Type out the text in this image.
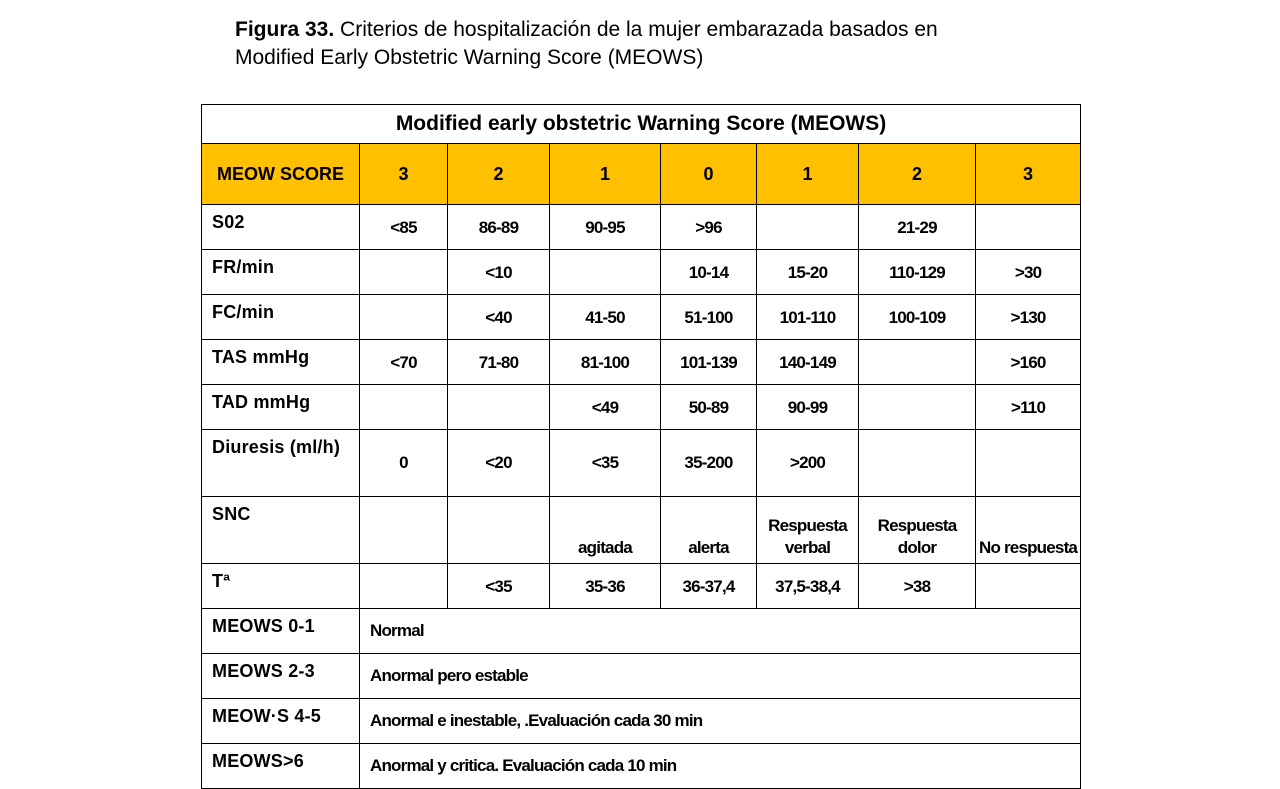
Figura 33. Criterios de hospitalización de la mujer embarazada basados en
Modified Early Obstetric Warning Score (MEOWS)
Modified early obstetric Warning Score (MEOWS)							
MEOW SCORE	3	2	1	0	1	2	3
S02	<85	86-89	90-95	>96		21-29	
FR/min		<10		10-14	15-20	110-129	>30
FC/min		<40	41-50	51-100	101-110	100-109	>130
TAS mmHg	<70	71-80	81-100	101-139	140-149		>160
TAD mmHg			<49	50-89	90-99		>110
Diuresis (ml/h)	0	<20	<35	35-200	>200		
SNC			agitada	alerta	Respuesta verbal	Respuesta dolor	No respuesta
Tª		<35	35-36	36-37,4	37,5-38,4	>38	
MEOWS 0-1	Normal						
MEOWS 2-3	Anormal pero estable						
MEOW·S 4-5	Anormal e inestable, .Evaluación cada 30 min						
MEOWS>6	Anormal y critica. Evaluación cada 10 min						
